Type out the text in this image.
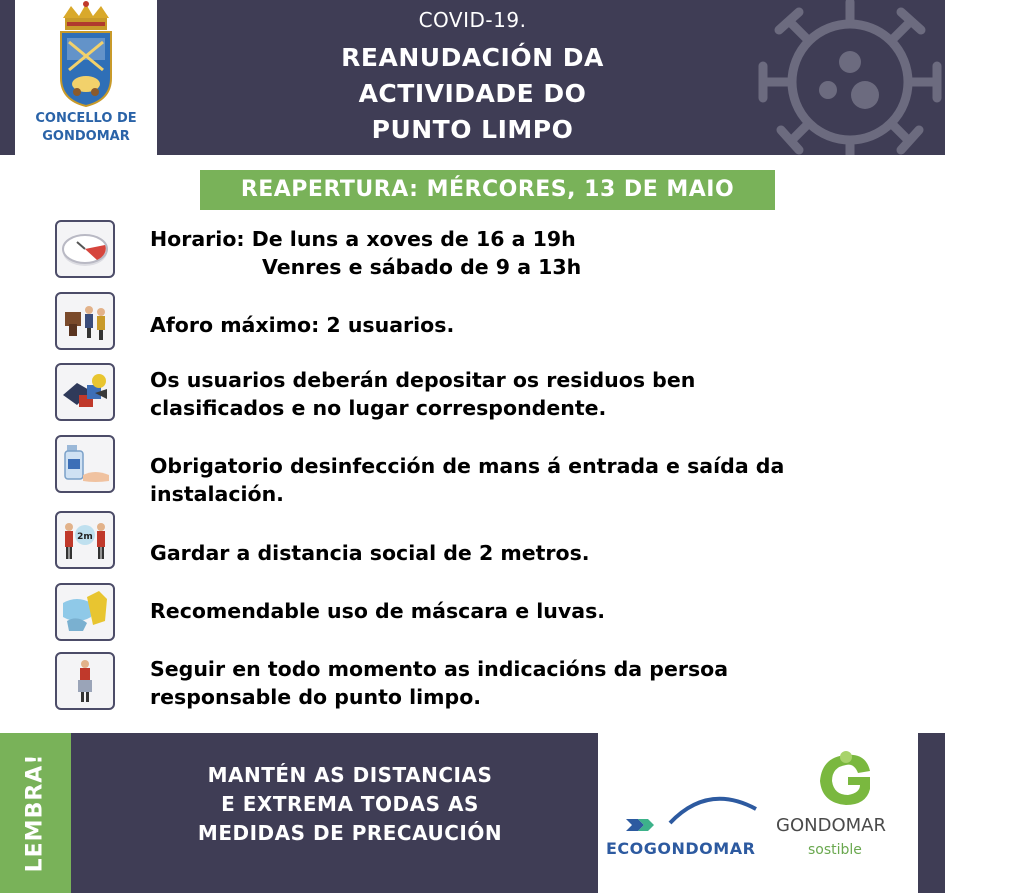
CONCELLO DE
GONDOMAR
COVID-19.
REANUDACIÓN DA
ACTIVIDADE DO
PUNTO LIMPO
REAPERTURA: MÉRCORES, 13 DE MAIO
Horario: De luns a xoves de 16 a 19h
Venres e sábado de 9 a 13h
Aforo máximo: 2 usuarios.
Os usuarios deberán depositar os residuos ben
clasificados e no lugar correspondente.
Obrigatorio desinfección de mans á entrada e saída da
instalación.
2m
Gardar a distancia social de 2 metros.
Recomendable uso de máscara e luvas.
Seguir en todo momento as indicacións da persoa
responsable do punto limpo.
LEMBRA!	MANTÉN AS DISTANCIAS
E EXTREMA TODAS AS
MEDIDAS DE PRECAUCIÓN
ECOGONDOMAR
GONDOMAR
sostible
